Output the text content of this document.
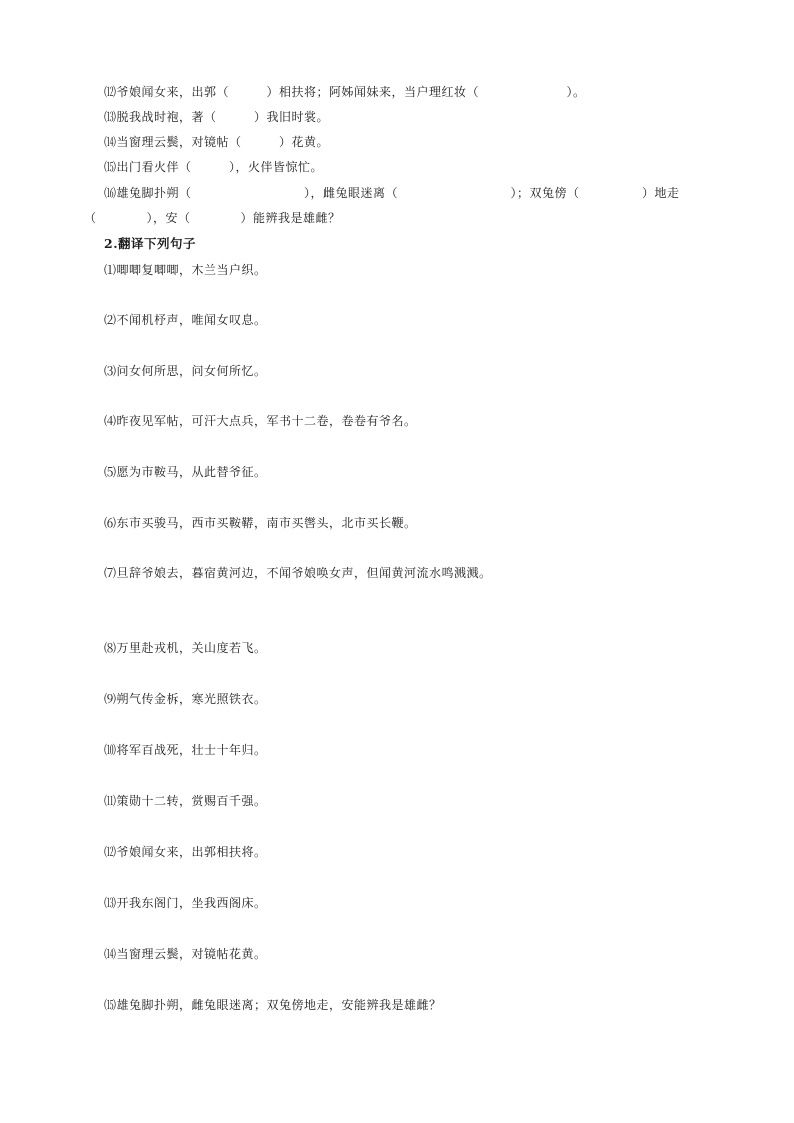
⑿爷娘闻女来，出郭（　　　）相扶将；阿姊闻妹来，当户理红妆（　　　　　　　）。
⒀脱我战时袍，著（　　　）我旧时裳。
⒁当窗理云鬓，对镜帖（　　　）花黄。
⒂出门看火伴（　　　），火伴皆惊忙。
⒃雄兔脚扑朔（　　　　　　　　　），雌兔眼迷离（　　　　　　　　　）；双兔傍（　　　　　）地走
（　　　　），安（　　　　）能辨我是雄雌？
2.翻译下列句子
⑴唧唧复唧唧，木兰当户织。
⑵不闻机杼声，唯闻女叹息。
⑶问女何所思，问女何所忆。
⑷昨夜见军帖，可汗大点兵，军书十二卷，卷卷有爷名。
⑸愿为市鞍马，从此替爷征。
⑹东市买骏马，西市买鞍鞯，南市买辔头，北市买长鞭。
⑺旦辞爷娘去，暮宿黄河边，不闻爷娘唤女声，但闻黄河流水鸣溅溅。
⑻万里赴戎机，关山度若飞。
⑼朔气传金柝，寒光照铁衣。
⑽将军百战死，壮士十年归。
⑾策勋十二转，赏赐百千强。
⑿爷娘闻女来，出郭相扶将。
⒀开我东阁门，坐我西阁床。
⒁当窗理云鬓，对镜帖花黄。
⒂雄兔脚扑朔，雌兔眼迷离；双兔傍地走，安能辨我是雄雌？
